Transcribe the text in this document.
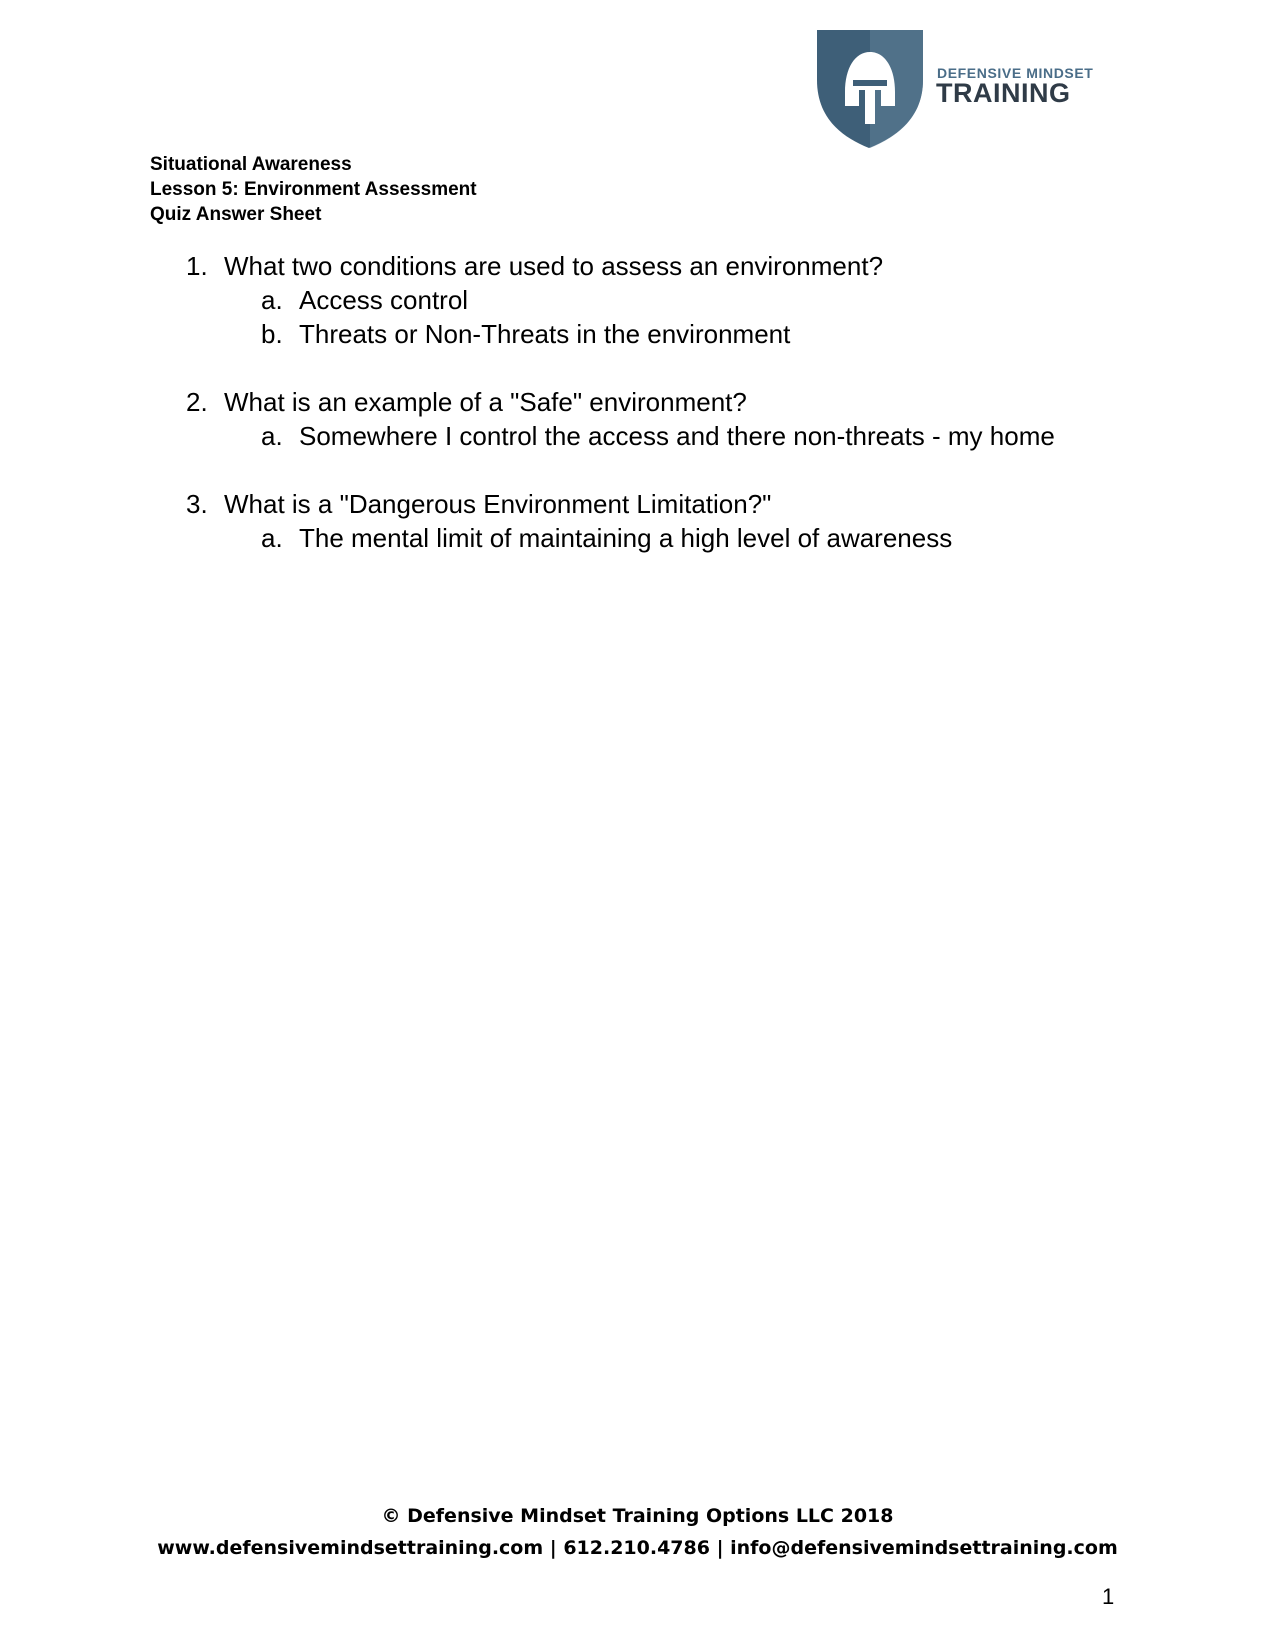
DEFENSIVE MINDSET
TRAINING
Situational Awareness
Lesson 5: Environment Assessment
Quiz Answer Sheet
1. What two conditions are used to assess an environment?
a. Access control
b. Threats or Non-Threats in the environment
2. What is an example of a "Safe" environment?
a. Somewhere I control the access and there non-threats - my home
3. What is a "Dangerous Environment Limitation?"
a. The mental limit of maintaining a high level of awareness
© Defensive Mindset Training Options LLC 2018
www.defensivemindsettraining.com | 612.210.4786 | info@defensivemindsettraining.com
1
